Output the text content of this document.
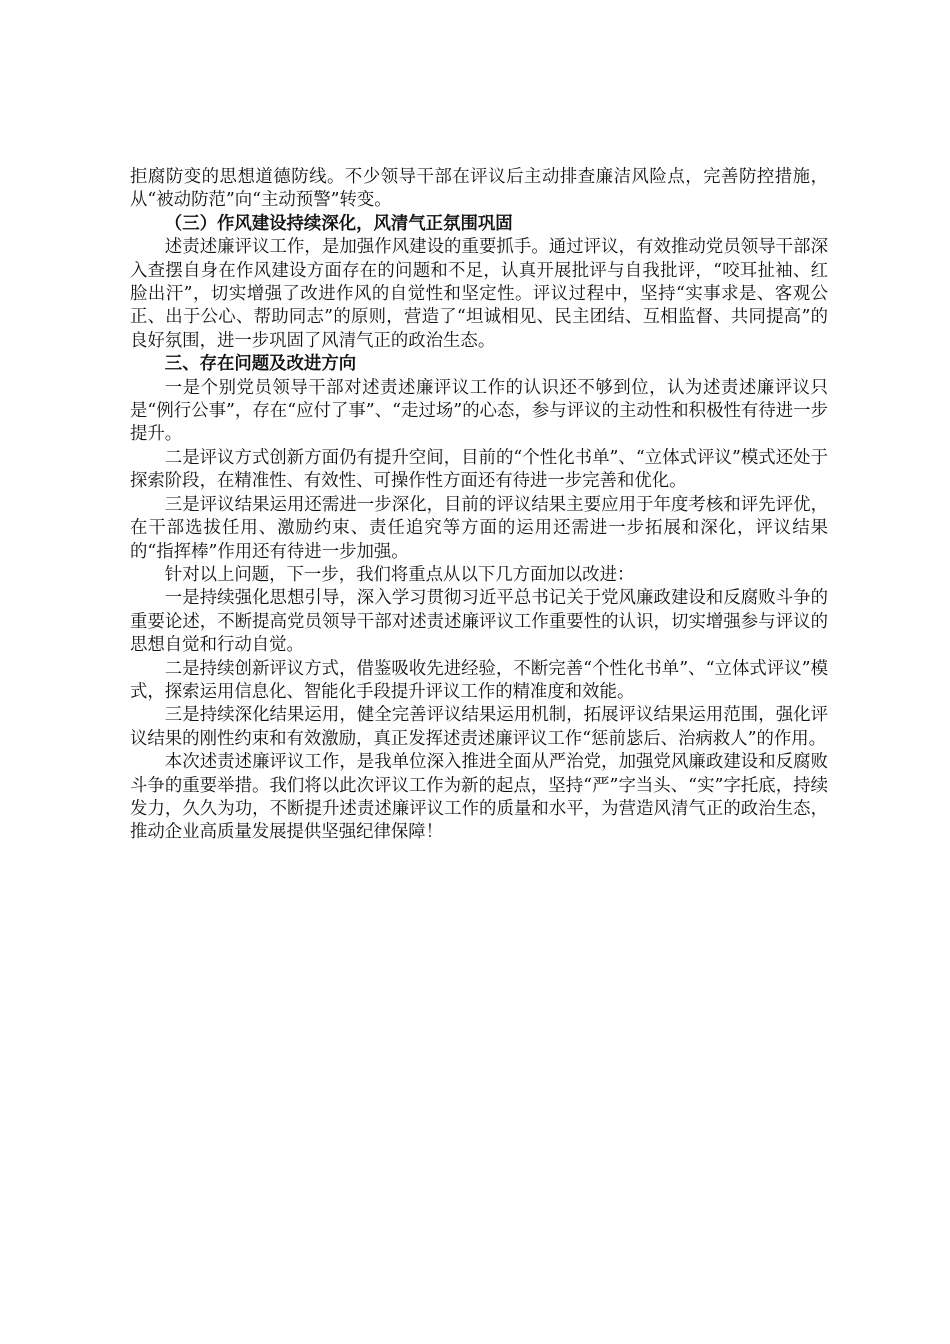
拒腐防变的思想道德防线。不少领导干部在评议后主动排查廉洁风险点，完善防控措施，从“被动防范”向“主动预警”转变。

（三）作风建设持续深化，风清气正氛围巩固

述责述廉评议工作，是加强作风建设的重要抓手。通过评议，有效推动党员领导干部深入查摆自身在作风建设方面存在的问题和不足，认真开展批评与自我批评，“咬耳扯袖、红脸出汗”，切实增强了改进作风的自觉性和坚定性。评议过程中，坚持“实事求是、客观公正、出于公心、帮助同志”的原则，营造了“坦诚相见、民主团结、互相监督、共同提高”的良好氛围，进一步巩固了风清气正的政治生态。

三、存在问题及改进方向

一是个别党员领导干部对述责述廉评议工作的认识还不够到位，认为述责述廉评议只是“例行公事”，存在“应付了事”、“走过场”的心态，参与评议的主动性和积极性有待进一步提升。

二是评议方式创新方面仍有提升空间，目前的“个性化书单”、“立体式评议”模式还处于探索阶段，在精准性、有效性、可操作性方面还有待进一步完善和优化。

三是评议结果运用还需进一步深化，目前的评议结果主要应用于年度考核和评先评优，在干部选拔任用、激励约束、责任追究等方面的运用还需进一步拓展和深化，评议结果的“指挥棒”作用还有待进一步加强。

针对以上问题，下一步，我们将重点从以下几方面加以改进：

一是持续强化思想引导，深入学习贯彻习近平总书记关于党风廉政建设和反腐败斗争的重要论述，不断提高党员领导干部对述责述廉评议工作重要性的认识，切实增强参与评议的思想自觉和行动自觉。

二是持续创新评议方式，借鉴吸收先进经验，不断完善“个性化书单”、“立体式评议”模式，探索运用信息化、智能化手段提升评议工作的精准度和效能。

三是持续深化结果运用，健全完善评议结果运用机制，拓展评议结果运用范围，强化评议结果的刚性约束和有效激励，真正发挥述责述廉评议工作“惩前毖后、治病救人”的作用。

本次述责述廉评议工作，是我单位深入推进全面从严治党，加强党风廉政建设和反腐败斗争的重要举措。我们将以此次评议工作为新的起点，坚持“严”字当头、“实”字托底，持续发力，久久为功，不断提升述责述廉评议工作的质量和水平，为营造风清气正的政治生态，推动企业高质量发展提供坚强纪律保障！
